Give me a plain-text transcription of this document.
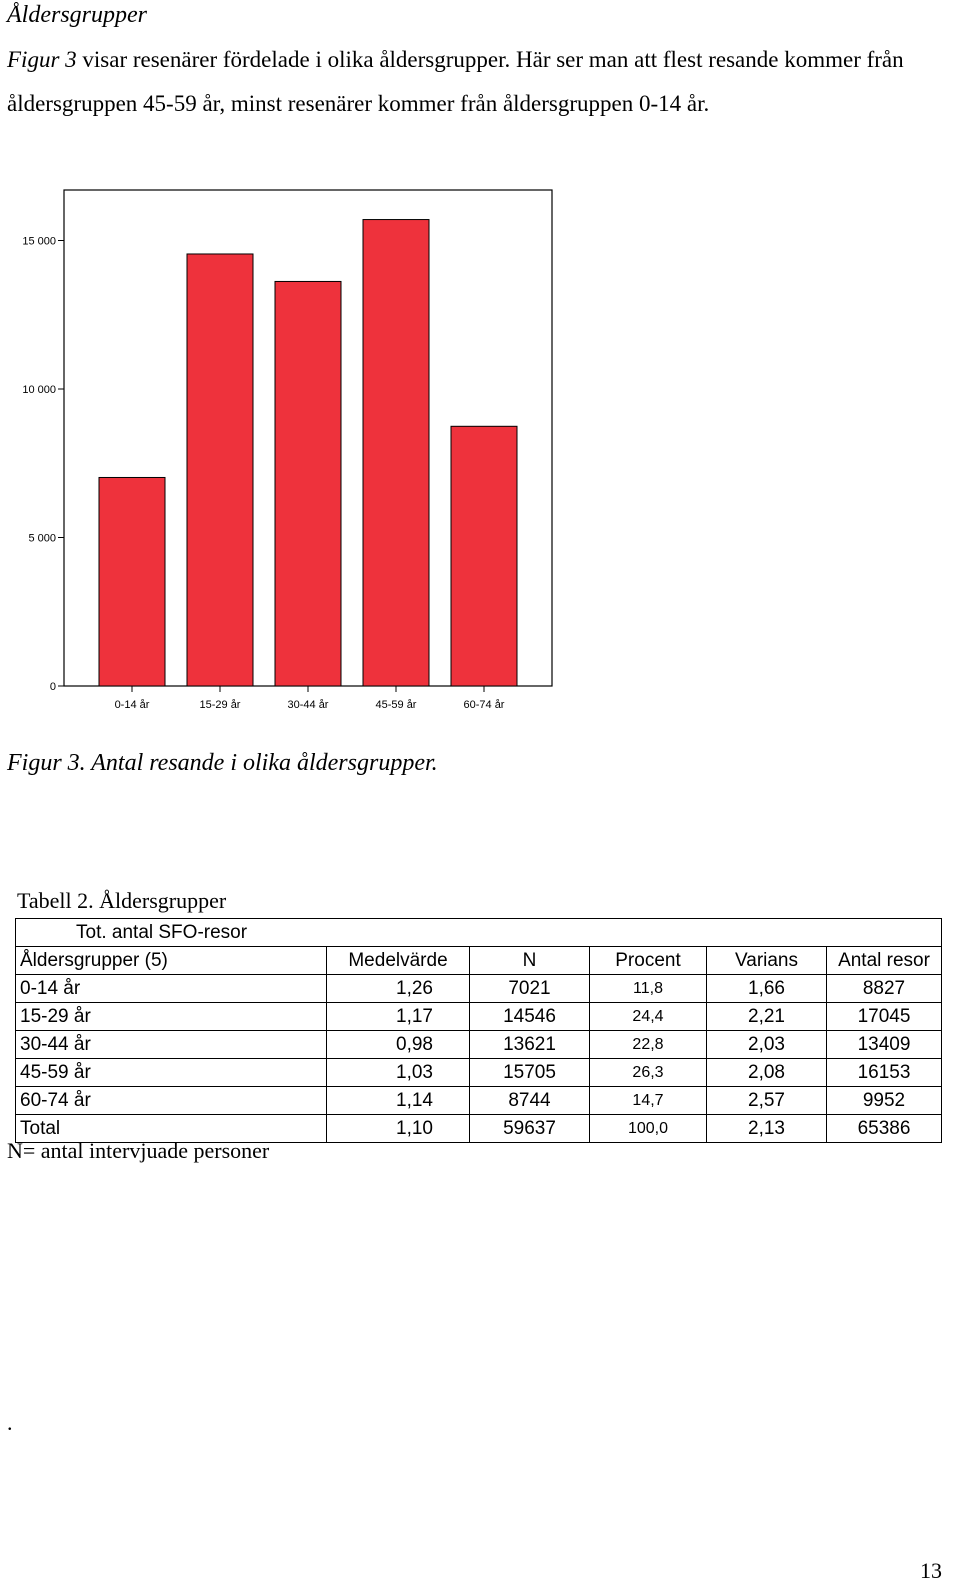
Åldersgrupper
Figur 3 visar resenärer fördelade i olika åldersgrupper. Här ser man att flest resande kommer från åldersgruppen 45-59 år, minst resenärer kommer från åldersgruppen 0-14 år.
0
5 000
10 000
15 000
0-14 år	15-29 år	30-44 år	45-59 år	60-74 år
Figur 3. Antal resande i olika åldersgrupper.
Tabell 2. Åldersgrupper
Tot. antal SFO-resor					
Åldersgrupper (5)	Medelvärde	N	Procent	Varians	Antal resor
0-14 år	1,26	7021	11,8	1,66	8827
15-29 år	1,17	14546	24,4	2,21	17045
30-44 år	0,98	13621	22,8	2,03	13409
45-59 år	1,03	15705	26,3	2,08	16153
60-74 år	1,14	8744	14,7	2,57	9952
Total	1,10	59637	100,0	2,13	65386
N= antal intervjuade personer
.
13
